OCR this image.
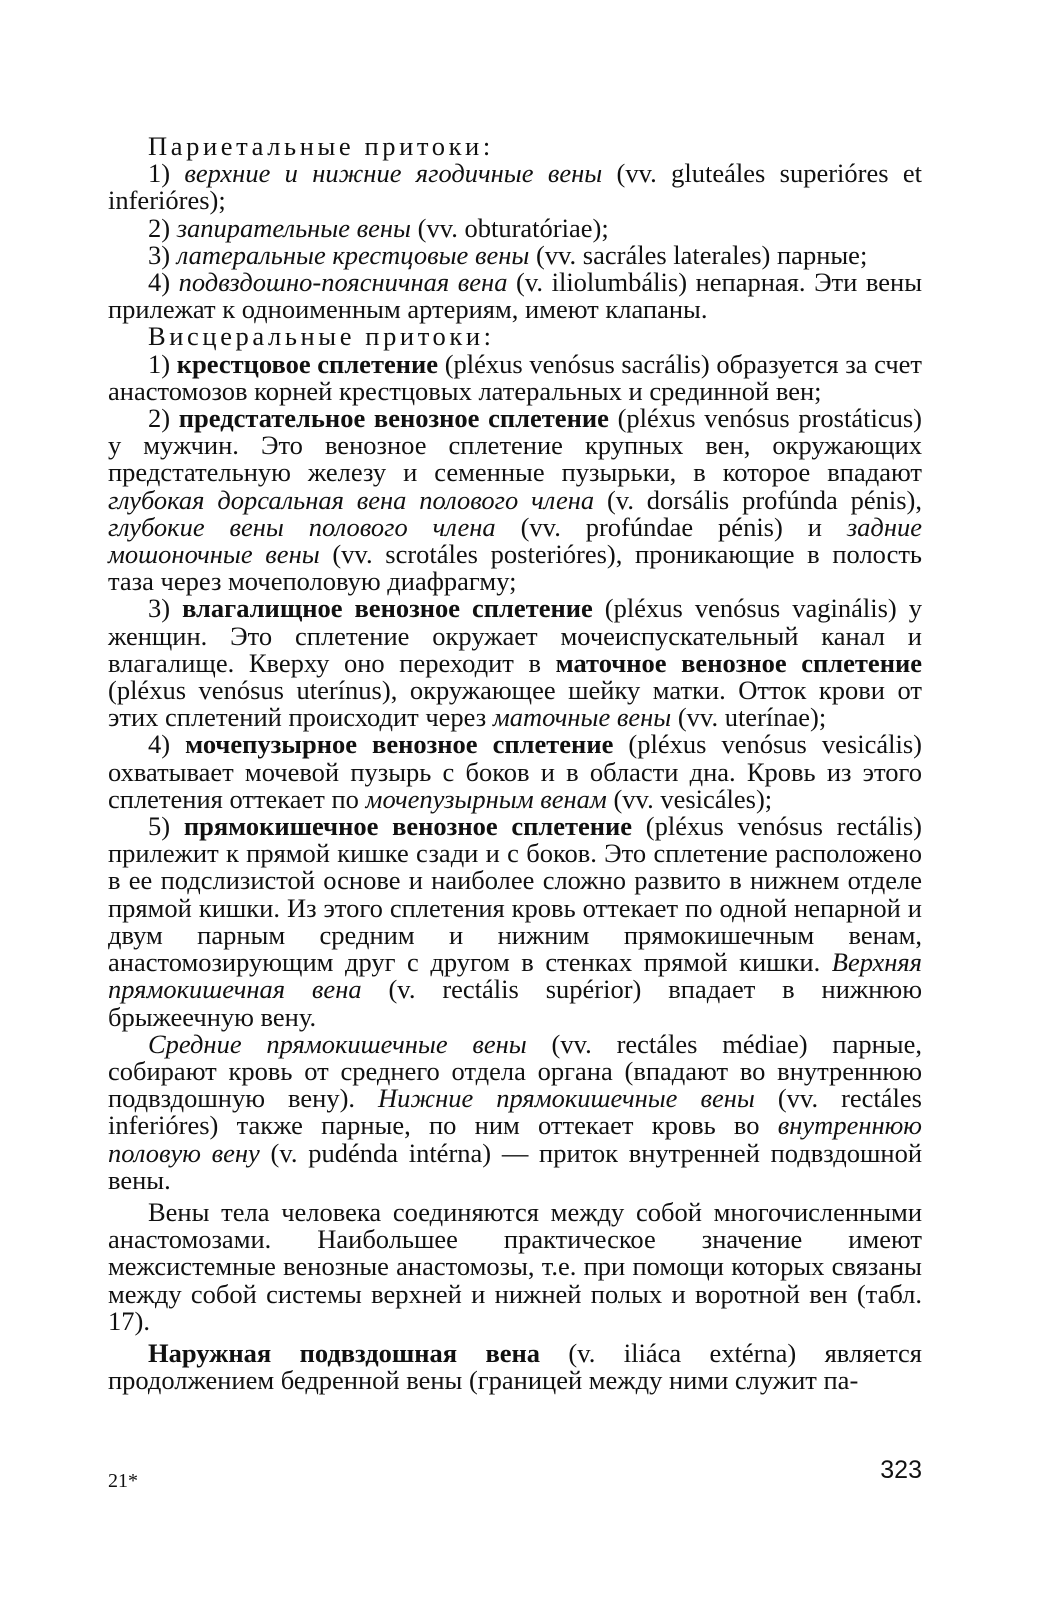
Париетальные притоки:

1) верхние и нижние ягодичные вены (vv. gluteáles superióres et inferióres);

2) запирательные вены (vv. obturatóriae);

3) латеральные крестцовые вены (vv. sacráles laterales) парные;

4) подвздошно-поясничная вена (v. iliolumbális) непарная. Эти вены прилежат к одноименным артериям, имеют клапаны.

Висцеральные притоки:

1) крестцовое сплетение (pléxus venósus sacrális) образуется за счет анастомозов корней крестцовых латеральных и срединной вен;

2) предстательное венозное сплетение (pléxus venósus prostáticus) у мужчин. Это венозное сплетение крупных вен, окружающих предстательную железу и семенные пузырьки, в которое впадают глубокая дорсальная вена полового члена (v. dorsális profúnda pénis), глубокие вены полового члена (vv. profúndae pénis) и задние мошоночные вены (vv. scrotáles posterióres), проникающие в полость таза через мочеполовую диафрагму;

3) влагалищное венозное сплетение (pléxus venósus vaginális) у женщин. Это сплетение окружает мочеиспускательный канал и влагалище. Кверху оно переходит в маточное венозное сплетение (pléxus venósus uterínus), окружающее шейку матки. Отток крови от этих сплетений происходит через маточные вены (vv. uterínae);

4) мочепузырное венозное сплетение (pléxus venósus vesicális) охватывает мочевой пузырь с боков и в области дна. Кровь из этого сплетения оттекает по мочепузырным венам (vv. vesicáles);

5) прямокишечное венозное сплетение (pléxus venósus rectális) прилежит к прямой кишке сзади и с боков. Это сплетение расположено в ее подслизистой основе и наиболее сложно развито в нижнем отделе прямой кишки. Из этого сплетения кровь оттекает по одной непарной и двум парным средним и нижним прямокишечным венам, анастомозирующим друг с другом в стенках прямой кишки. Верхняя прямокишечная вена (v. rectális supérior) впадает в нижнюю брыжеечную вену.

Средние прямокишечные вены (vv. rectáles médiae) парные, собирают кровь от среднего отдела органа (впадают во внутреннюю подвздошную вену). Нижние прямокишечные вены (vv. rectáles inferióres) также парные, по ним оттекает кровь во внутреннюю половую вену (v. pudénda intérna) — приток внутренней подвздошной вены.

Вены тела человека соединяются между собой многочисленными анастомозами. Наибольшее практическое значение имеют межсистемные венозные анастомозы, т.е. при помощи которых связаны между собой системы верхней и нижней полых и воротной вен (табл. 17).

Наружная подвздошная вена (v. iliáca extérna) является продолжением бедренной вены (границей между ними служит па-

21*	323
